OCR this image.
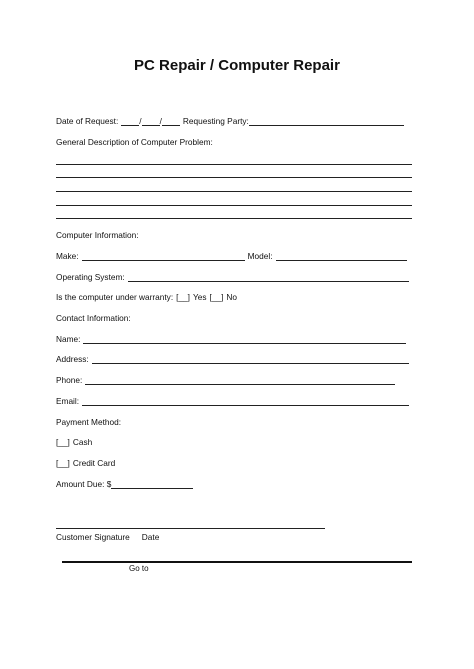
PC Repair / Computer Repair
Date of Request:	/ /	Requesting Party:
General Description of Computer Problem:
Computer Information:
Make:	Model:
Operating System:
Is the computer under warranty: [__] Yes [__] No
Contact Information:
Name:
Address:
Phone:
Email:
Payment Method:
[__] Cash
[__] Credit Card
Amount Due: $
Customer Signature Date
Go to
